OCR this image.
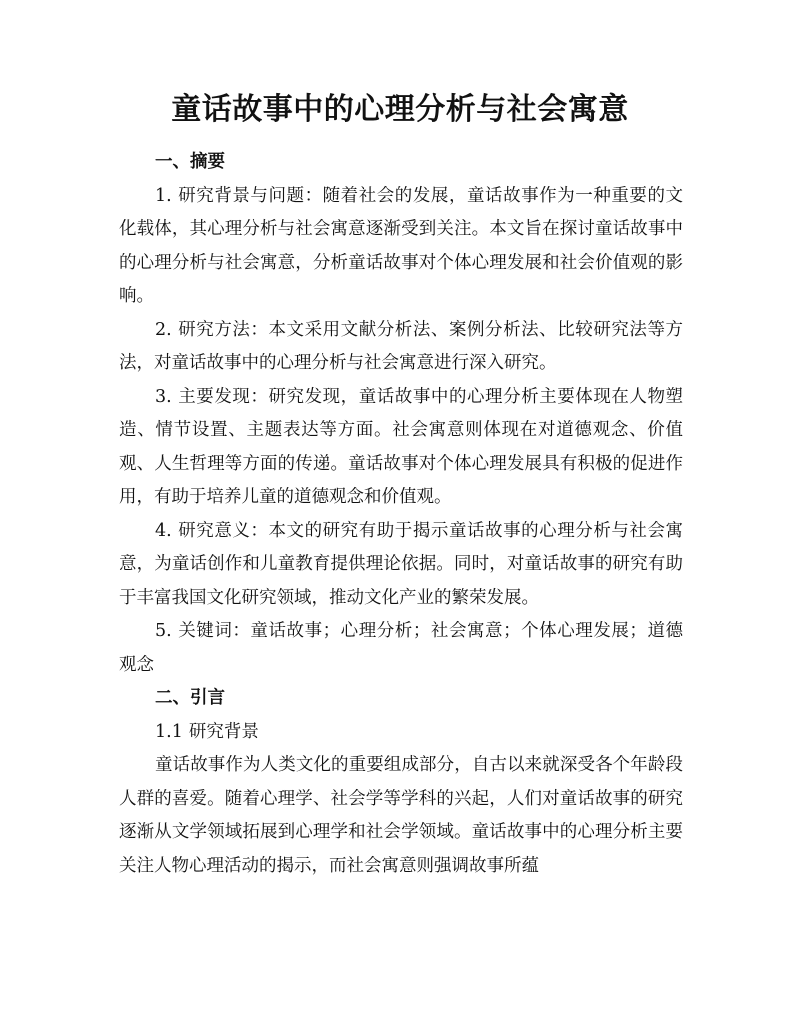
童话故事中的心理分析与社会寓意
一、摘要

1. 研究背景与问题：随着社会的发展，童话故事作为一种重要的文化载体，其心理分析与社会寓意逐渐受到关注。本文旨在探讨童话故事中的心理分析与社会寓意，分析童话故事对个体心理发展和社会价值观的影响。

2. 研究方法：本文采用文献分析法、案例分析法、比较研究法等方法，对童话故事中的心理分析与社会寓意进行深入研究。

3. 主要发现：研究发现，童话故事中的心理分析主要体现在人物塑造、情节设置、主题表达等方面。社会寓意则体现在对道德观念、价值观、人生哲理等方面的传递。童话故事对个体心理发展具有积极的促进作用，有助于培养儿童的道德观念和价值观。

4. 研究意义：本文的研究有助于揭示童话故事的心理分析与社会寓意，为童话创作和儿童教育提供理论依据。同时，对童话故事的研究有助于丰富我国文化研究领域，推动文化产业的繁荣发展。

5. 关键词：童话故事；心理分析；社会寓意；个体心理发展；道德观念

二、引言
1.1 研究背景

童话故事作为人类文化的重要组成部分，自古以来就深受各个年龄段人群的喜爱。随着心理学、社会学等学科的兴起，人们对童话故事的研究逐渐从文学领域拓展到心理学和社会学领域。童话故事中的心理分析主要关注人物心理活动的揭示，而社会寓意则强调故事所蕴
